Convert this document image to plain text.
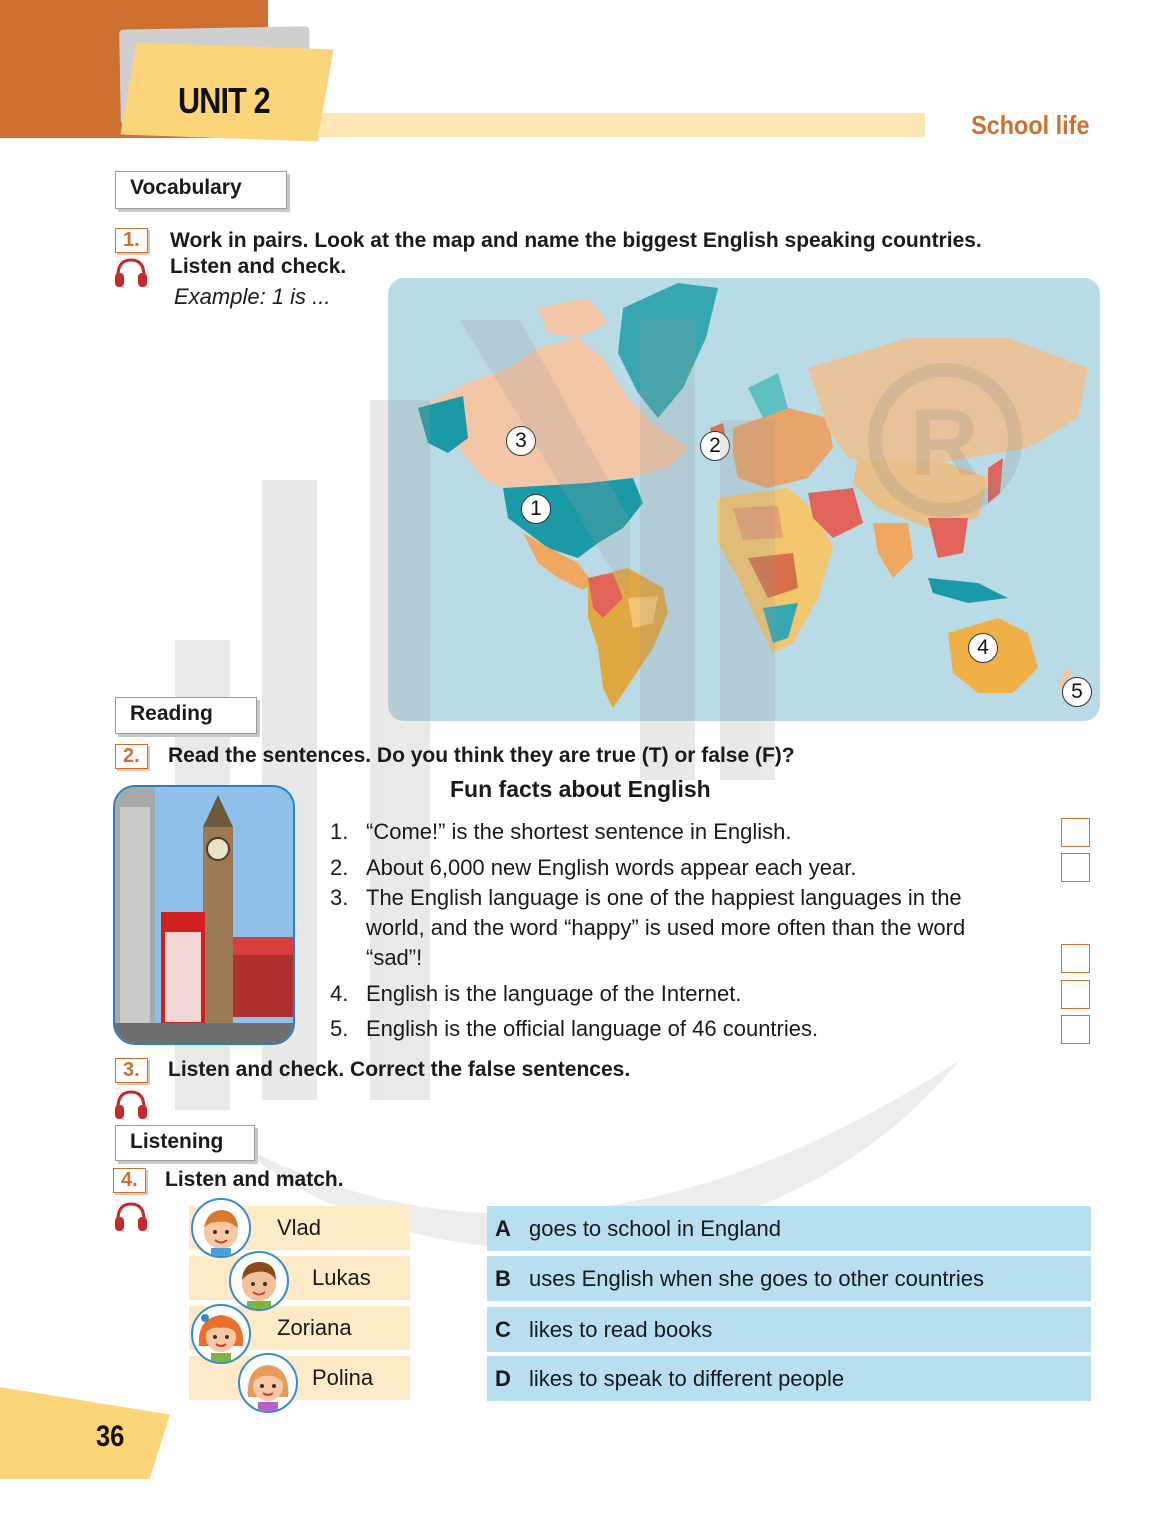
UNIT 2
School life
Vocabulary
1.	Work in pairs. Look at the map and name the biggest English speaking countries.
Listen and check.
Example: 1 is ...
3	2
1
4
5
R
Reading
2.	Read the sentences. Do you think they are true (T) or false (F)?
Fun facts about English
1. “Come!” is the shortest sentence in English.
2. About 6,000 new English words appear each year.
3. The English language is one of the happiest languages in the world, and the word “happy” is used more often than the word “sad”!
4. English is the language of the Internet.
5. English is the official language of 46 countries.
3.	Listen and check. Correct the false sentences.
Listening
4.	Listen and match.
Vlad
Lukas
Zoriana
Polina
A goes to school in England
B uses English when she goes to other countries
C likes to read books
D likes to speak to different people
36
